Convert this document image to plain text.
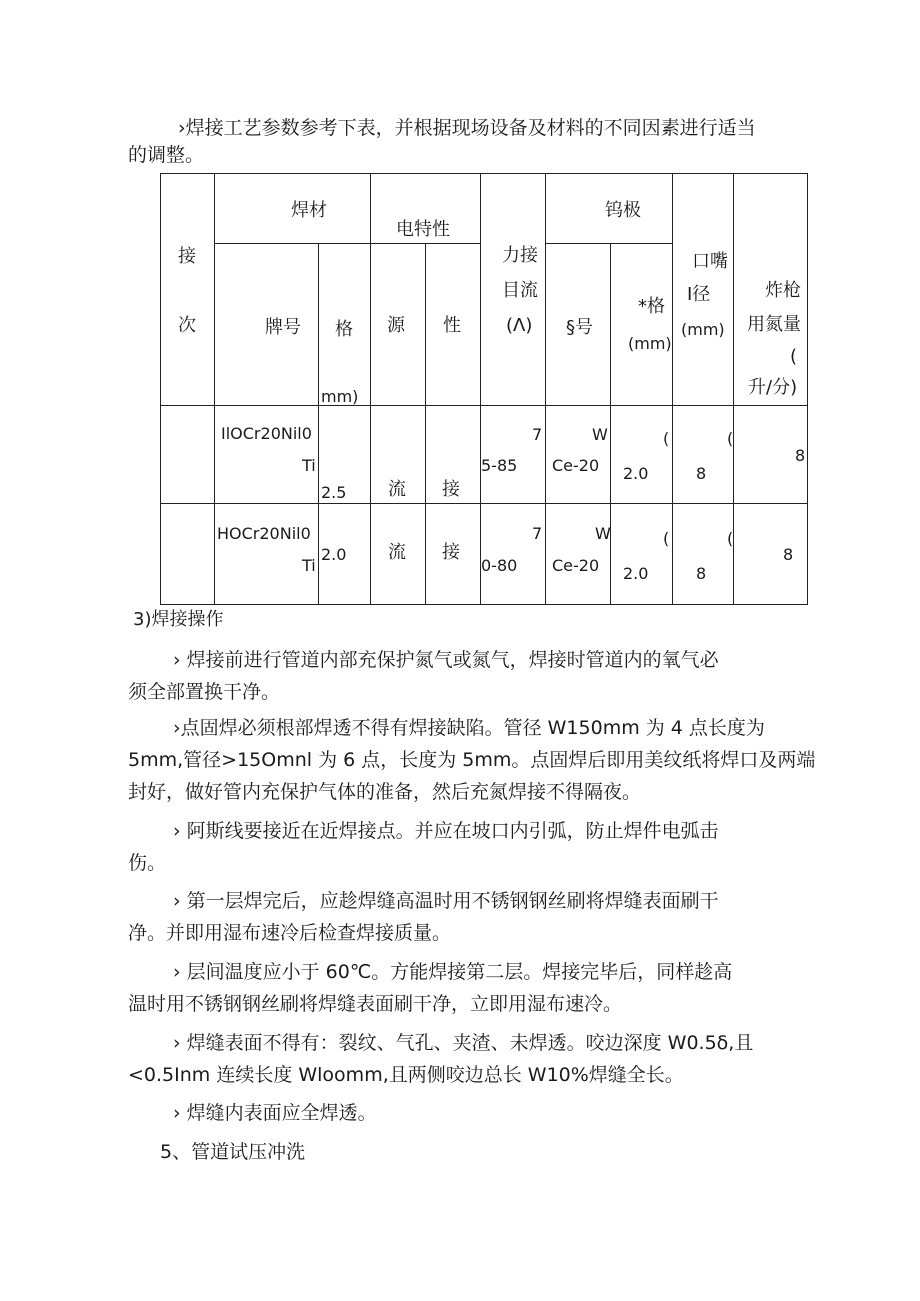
›焊接工艺参数参考下表，并根据现场设备及材料的不同因素进行适当
的调整。
接
次
焊材
牌号 格
mm)
电特性
源 性
力接
目流
(Λ)
钨极
§号
*格
(mm)
口嘴
I径
(mm)
炸枪
用氮量
(
升/分)
IlOCr20Nil0
Ti
2.5 流 接
7
5-85
W
Ce-20
(
2.0
(
8
8
HOCr20Nil0
Ti
2.0 流 接
7
0-80
W
Ce-20
(
2.0
(
8
8
3)焊接操作
› 焊接前进行管道内部充保护氮气或氮气，焊接时管道内的氧气必
须全部置换干净。
›点固焊必须根部焊透不得有焊接缺陷。管径 W150mm 为 4 点长度为
5mm,管径>15Omnl 为 6 点，长度为 5mm。点固焊后即用美纹纸将焊口及两端
封好，做好管内充保护气体的准备，然后充氮焊接不得隔夜。
› 阿斯线要接近在近焊接点。并应在坡口内引弧，防止焊件电弧击
伤。
› 第一层焊完后，应趁焊缝高温时用不锈钢钢丝刷将焊缝表面刷干
净。并即用湿布速冷后检查焊接质量。
› 层间温度应小于 60℃。方能焊接第二层。焊接完毕后，同样趁高
温时用不锈钢钢丝刷将焊缝表面刷干净，立即用湿布速冷。
› 焊缝表面不得有：裂纹、气孔、夹渣、未焊透。咬边深度 W0.5δ,且
<0.5Inm 连续长度 Wloomm,且两侧咬边总长 W10%焊缝全长。
› 焊缝内表面应全焊透。
5、管道试压冲洗
